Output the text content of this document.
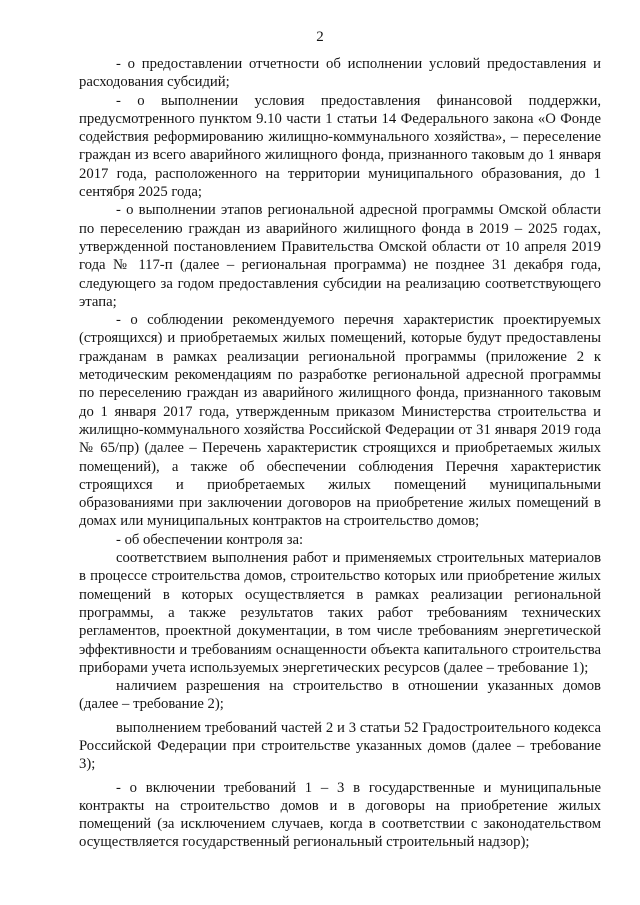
2

- о предоставлении отчетности об исполнении условий предоставления и расходования субсидий;

- о выполнении условия предоставления финансовой поддержки, предусмотренного пунктом 9.10 части 1 статьи 14 Федерального закона «О Фонде содействия реформированию жилищно-коммунального хозяйства», – переселение граждан из всего аварийного жилищного фонда, признанного таковым до 1 января 2017 года, расположенного на территории муниципального образования, до 1 сентября 2025 года;

- о выполнении этапов региональной адресной программы Омской области по переселению граждан из аварийного жилищного фонда в 2019 – 2025 годах, утвержденной постановлением Правительства Омской области от 10 апреля 2019 года № 117-п (далее – региональная программа) не позднее 31 декабря года, следующего за годом предоставления субсидии на реализацию соответствующего этапа;

- о соблюдении рекомендуемого перечня характеристик проектируемых (строящихся) и приобретаемых жилых помещений, которые будут предоставлены гражданам в рамках реализации региональной программы (приложение 2 к методическим рекомендациям по разработке региональной адресной программы по переселению граждан из аварийного жилищного фонда, признанного таковым до 1 января 2017 года, утвержденным приказом Министерства строительства и жилищно-коммунального хозяйства Российской Федерации от 31 января 2019 года № 65/пр) (далее – Перечень характеристик строящихся и приобретаемых жилых помещений), а также об обеспечении соблюдения Перечня характеристик строящихся и приобретаемых жилых помещений муниципальными образованиями при заключении договоров на приобретение жилых помещений в домах или муниципальных контрактов на строительство домов;

- об обеспечении контроля за:

соответствием выполнения работ и применяемых строительных материалов в процессе строительства домов, строительство которых или приобретение жилых помещений в которых осуществляется в рамках реализации региональной программы, а также результатов таких работ требованиям технических регламентов, проектной документации, в том числе требованиям энергетической эффективности и требованиям оснащенности объекта капитального строительства приборами учета используемых энергетических ресурсов (далее – требование 1);

наличием разрешения на строительство в отношении указанных домов (далее – требование 2);

выполнением требований частей 2 и 3 статьи 52 Градостроительного кодекса Российской Федерации при строительстве указанных домов (далее – требование 3);

- о включении требований 1 – 3 в государственные и муниципальные контракты на строительство домов и в договоры на приобретение жилых помещений (за исключением случаев, когда в соответствии с законодательством осуществляется государственный региональный строительный надзор);
